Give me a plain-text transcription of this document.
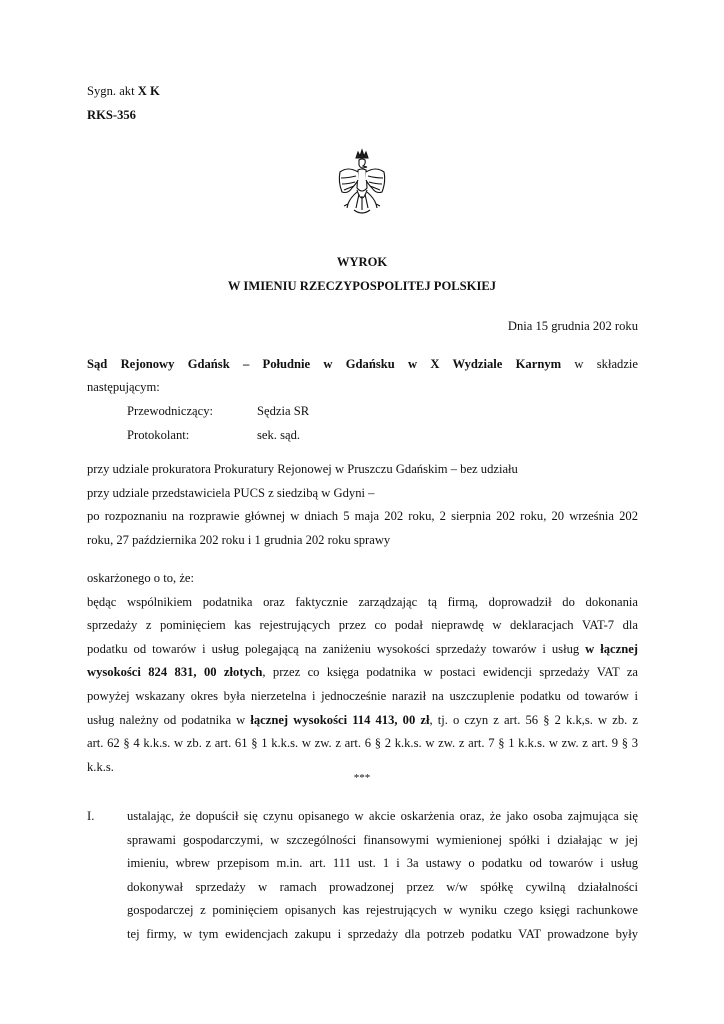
Sygn. akt X K
RKS-356
WYROK
W IMIENIU RZECZYPOSPOLITEJ POLSKIEJ
Dnia 15 grudnia 202 roku
Sąd Rejonowy Gdańsk – Południe w Gdańsku w X Wydziale Karnym w składzie
następującym:
Przewodniczący:	Sędzia SR
Protokolant:	sek. sąd.
przy udziale prokuratora Prokuratury Rejonowej w Pruszczu Gdańskim – bez udziału
przy udziale przedstawiciela PUCS z siedzibą w Gdyni –
po rozpoznaniu na rozprawie głównej w dniach 5 maja 202 roku, 2 sierpnia 202 roku, 20 września 202
roku, 27 października 202 roku i 1 grudnia 202 roku sprawy
oskarżonego o to, że:
będąc wspólnikiem podatnika oraz faktycznie zarządzając tą firmą, doprowadził do dokonania
sprzedaży z pominięciem kas rejestrujących przez co podał nieprawdę w deklaracjach VAT-7 dla
podatku od towarów i usług polegającą na zaniżeniu wysokości sprzedaży towarów i usług w łącznej
wysokości 824 831, 00 złotych, przez co księga podatnika w postaci ewidencji sprzedaży VAT za
powyżej wskazany okres była nierzetelna i jednocześnie naraził na uszczuplenie podatku od towarów i
usług należny od podatnika w łącznej wysokości 114 413, 00 zł, tj. o czyn z art. 56 § 2 k.k,s. w zb. z
art. 62 § 4 k.k.s. w zb. z art. 61 § 1 k.k.s. w zw. z art. 6 § 2 k.k.s. w zw. z art. 7 § 1 k.k.s. w zw. z art. 9 § 3
k.k.s.
***
I.	ustalając, że dopuścił się czynu opisanego w akcie oskarżenia oraz, że jako osoba zajmująca się
sprawami gospodarczymi, w szczególności finansowymi wymienionej spółki i działając w jej
imieniu, wbrew przepisom m.in. art. 111 ust. 1 i 3a ustawy o podatku od towarów i usług
dokonywał sprzedaży w ramach prowadzonej przez w/w spółkę cywilną działalności
gospodarczej z pominięciem opisanych kas rejestrujących w wyniku czego księgi rachunkowe
tej firmy, w tym ewidencjach zakupu i sprzedaży dla potrzeb podatku VAT prowadzone były
